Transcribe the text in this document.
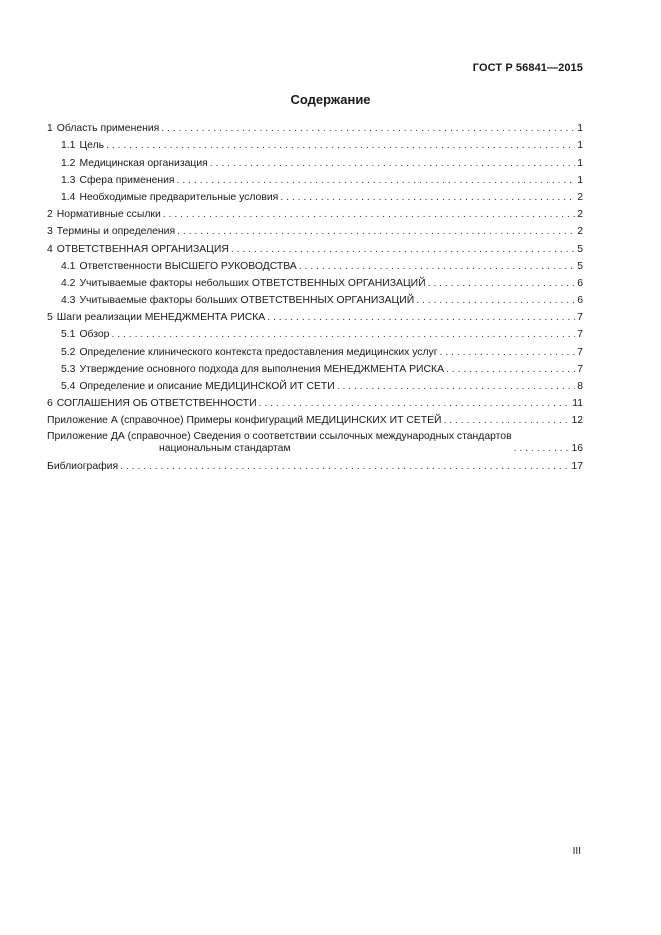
ГОСТ Р 56841—2015
Содержание
1 Область применения . . .	1
1.1 Цель . . .	1
1.2 Медицинская организация . . .	1
1.3 Сфера применения . . .	1
1.4 Необходимые предварительные условия . . .	2
2 Нормативные ссылки . . .	2
3 Термины и определения . . .	2
4 ОТВЕТСТВЕННАЯ ОРГАНИЗАЦИЯ . . .	5
4.1 Ответственности ВЫСШЕГО РУКОВОДСТВА . . .	5
4.2 Учитываемые факторы небольших ОТВЕТСТВЕННЫХ ОРГАНИЗАЦИЙ . . .	6
4.3 Учитываемые факторы больших ОТВЕТСТВЕННЫХ ОРГАНИЗАЦИЙ . . .	6
5 Шаги реализации МЕНЕДЖМЕНТА РИСКА . . .	7
5.1 Обзор . . .	7
5.2 Определение клинического контекста предоставления медицинских услуг . . .	7
5.3 Утверждение основного подхода для выполнения МЕНЕДЖМЕНТА РИСКА . . .	7
5.4 Определение и описание МЕДИЦИНСКОЙ ИТ СЕТИ . . .	8
6 СОГЛАШЕНИЯ ОБ ОТВЕТСТВЕННОСТИ . . .	11
Приложение А (справочное) Примеры конфигураций МЕДИЦИНСКИХ ИТ СЕТЕЙ . . .	12
Приложение ДА (справочное) Сведения о соответствии ссылочных международных стандартов
национальным стандартам . . .	16
Библиография . . .	17
III
